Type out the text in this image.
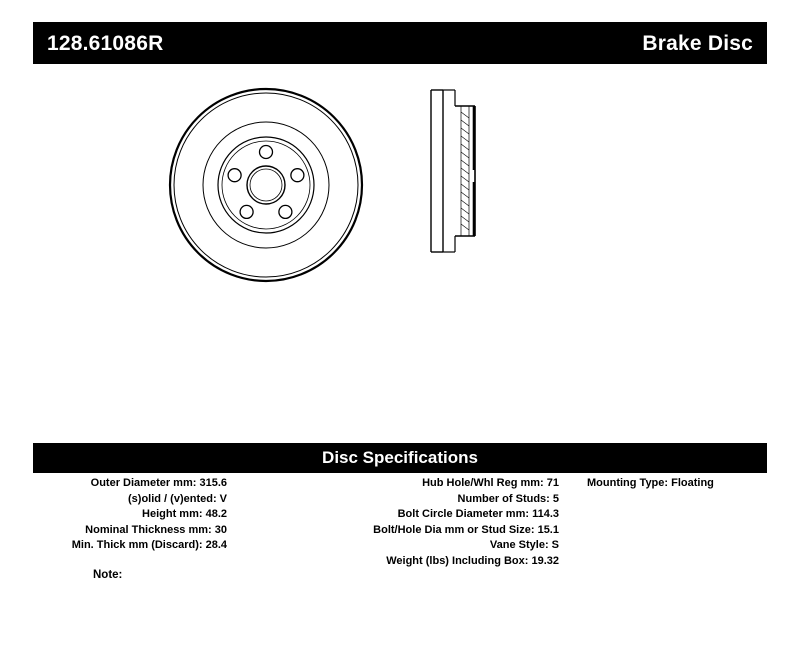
128.61086R	Brake Disc
Disc Specifications
Outer Diameter mm: 315.6
(s)olid / (v)ented: V
Height mm: 48.2
Nominal Thickness mm: 30
Min. Thick mm (Discard): 28.4
Hub Hole/Whl Reg mm: 71
Number of Studs: 5
Bolt Circle Diameter mm: 114.3
Bolt/Hole Dia mm or Stud Size: 15.1
Vane Style: S
Weight (lbs) Including Box: 19.32
Mounting Type: Floating
Note:
